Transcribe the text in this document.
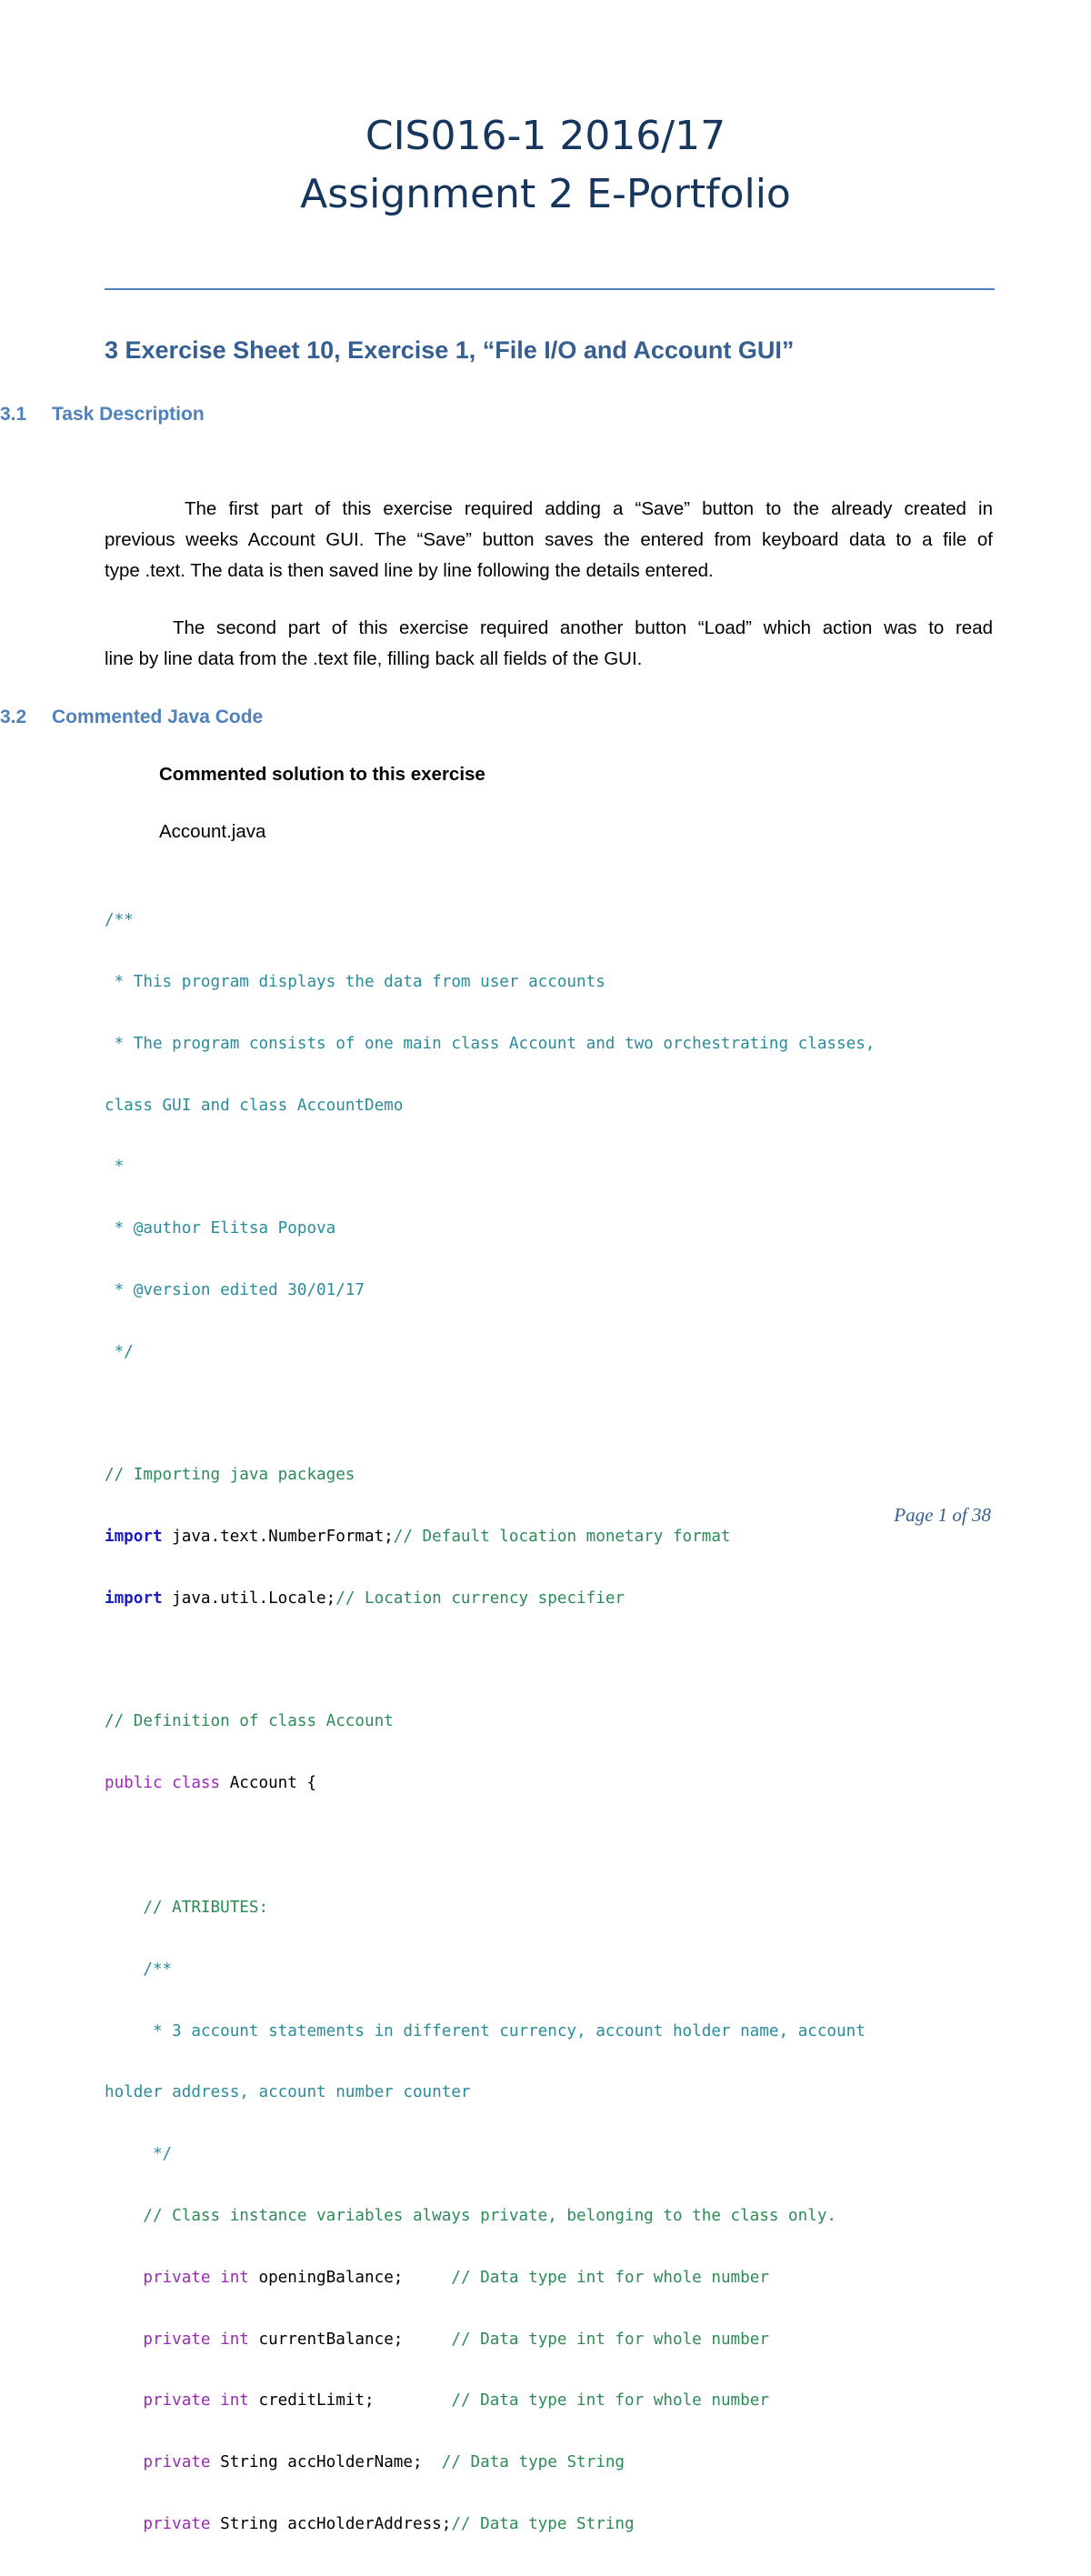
CIS016-1 2016/17
Assignment 2 E-Portfolio
3 Exercise Sheet 10, Exercise 1, “File I/O and Account GUI”
3.1 Task Description
The first part of this exercise required adding a “Save” button to the already created in
previous weeks Account GUI. The “Save” button saves the entered from keyboard data to a file of
type .text. The data is then saved line by line following the details entered.
The second part of this exercise required another button “Load” which action was to read
line by line data from the .text file, filling back all fields of the GUI.
3.2 Commented Java Code
Commented solution to this exercise
Account.java

/**

* This program displays the data from user accounts

* The program consists of one main class Account and two orchestrating classes,

class GUI and class AccountDemo

*

* @author Elitsa Popova

* @version edited 30/01/17

*/

// Importing java packages

import java.text.NumberFormat;// Default location monetary format

import java.util.Locale;// Location currency specifier

// Definition of class Account

public class Account {

// ATRIBUTES:

/**

* 3 account statements in different currency, account holder name, account

holder address, account number counter

*/

// Class instance variables always private, belonging to the class only.

private int openingBalance;     // Data type int for whole number

private int currentBalance;     // Data type int for whole number

private int creditLimit;        // Data type int for whole number

private String accHolderName;  // Data type String

private String accHolderAddress;// Data type String

Page 1 of 38
